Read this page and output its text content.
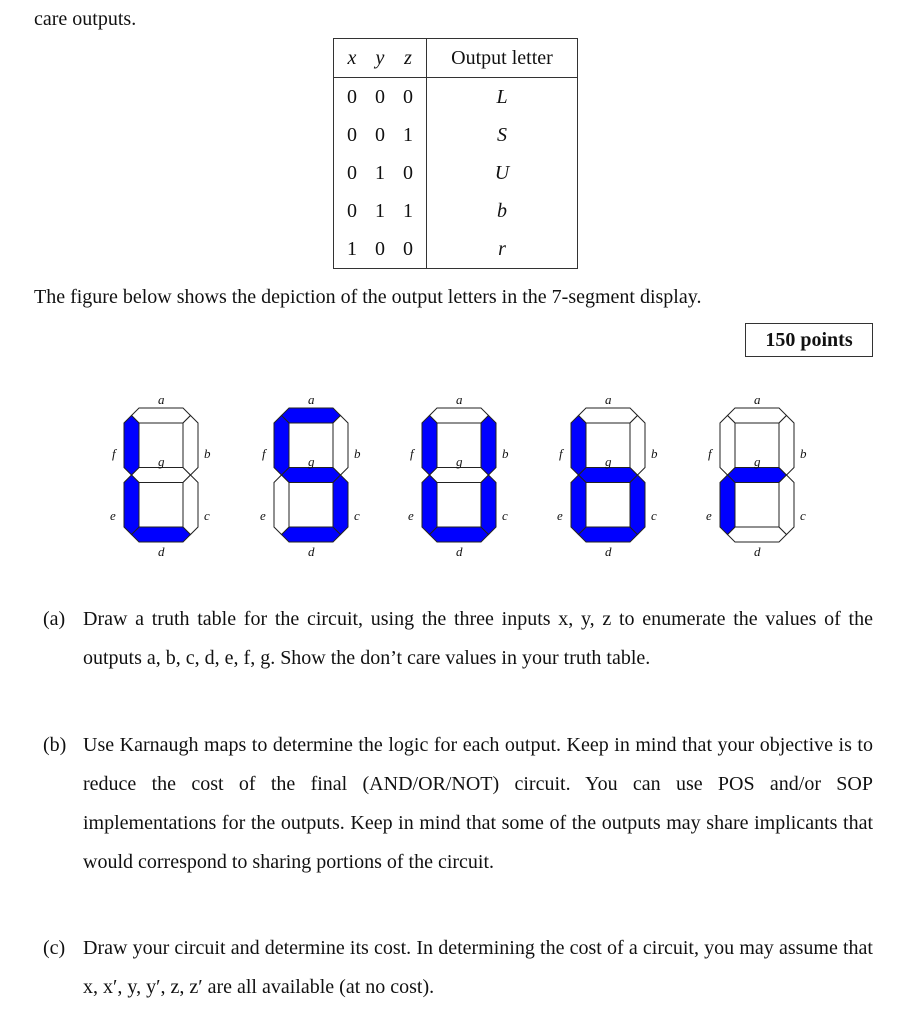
care outputs.
x y z	Output letter
0 0 0	L
0 0 1	S
0 1 0	U
0 1 1	b
1 0 0	r
The figure below shows the depiction of the output letters in the 7-segment display.
150 points
a
b
c
d
e
f
g
a
b
c
d
e
f
g
a
b
c
d
e
f
g
a
b
c
d
e
f
g
a
b
c
d
e
f
g
(a) Draw a truth table for the circuit, using the three inputs x, y, z to enumerate the values of the outputs a, b, c, d, e, f, g. Show the don’t care values in your truth table.
(b) Use Karnaugh maps to determine the logic for each output. Keep in mind that your objective is to reduce the cost of the final (AND/OR/NOT) circuit. You can use POS and/or SOP implementations for the outputs. Keep in mind that some of the outputs may share implicants that would correspond to sharing portions of the circuit.
(c) Draw your circuit and determine its cost. In determining the cost of a circuit, you may assume that x, x′, y, y′, z, z′ are all available (at no cost).
